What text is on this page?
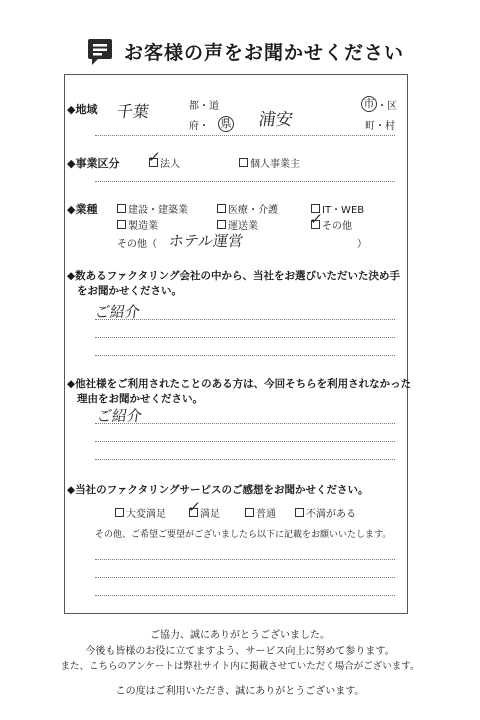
お客様の声をお聞かせください
◆地域 千葉	都・道
府・ 県 浦安
市 ・区
町・村
◆事業区分	法人
✓	個人事業主
◆業種	建設・建築業	医療・介護	IT・WEB
製造業	運送業	その他
✓
その他（ ホテル運営	）
◆数あるファクタリング会社の中から、当社をお選びいただいた決め手
をお聞かせください。
ご紹介
◆他社様をご利用されたことのある方は、今回そちらを利用されなかった
理由をお聞かせください。
ご紹介
◆当社のファクタリングサービスのご感想をお聞かせください。
大変満足	満足
✓	普通	不満がある
その他、ご希望ご要望がございましたら以下に記載をお願いいたします。
ご協力、誠にありがとうございました。
今後も皆様のお役に立てますよう、サービス向上に努めて参ります。
また、こちらのアンケートは弊社サイト内に掲載させていただく場合がございます。
この度はご利用いただき、誠にありがとうございます。
